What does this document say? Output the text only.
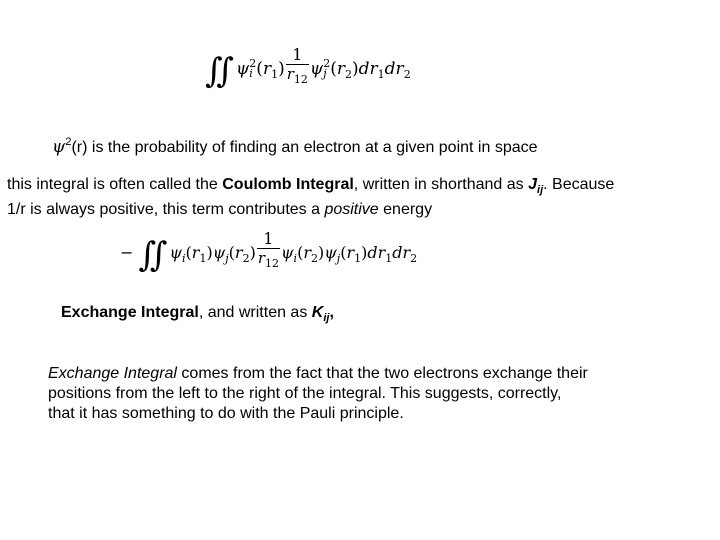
∬ ψ 2
i $(r_1) \frac{1}{r_{12}}$ ψ 2
j $(r_2)dr_1dr_2$
$\psi^2(r)$ is the probability of finding an electron at a given point in space
this integral is often called the Coulomb Integral, written in shorthand as $J_{ij}$. Because
1/r is always positive, this term contributes a positive energy
− ∬ $\psi_i(r_1)\psi_j(r_2) \frac{1}{r_{12}} \psi_i(r_2)\psi_j(r_1)dr_1dr_2$
Exchange Integral, and written as $K_{ij}$,
Exchange Integral comes from the fact that the two electrons exchange their
positions from the left to the right of the integral. This suggests, correctly,
that it has something to do with the Pauli principle.
